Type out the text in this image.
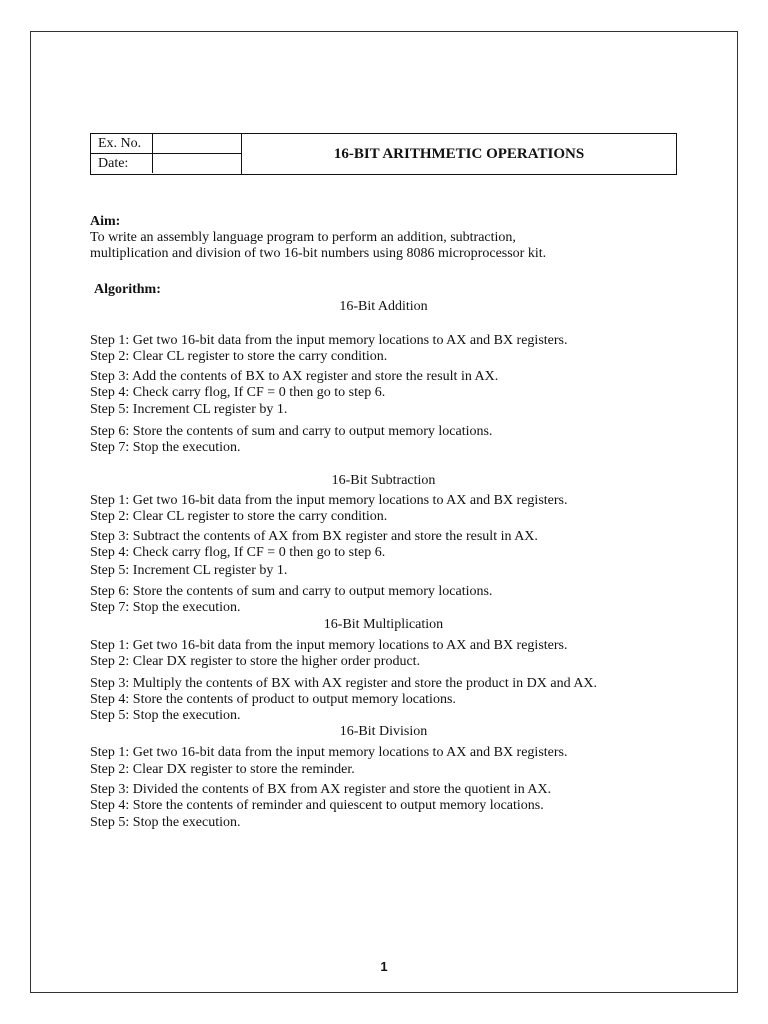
Ex. No.
Date:
16-BIT ARITHMETIC OPERATIONS
Aim:
To write an assembly language program to perform an addition, subtraction,
multiplication and division of two 16-bit numbers using 8086 microprocessor kit.
Algorithm:
16-Bit Addition
Step 1: Get two 16-bit data from the input memory locations to AX and BX registers.
Step 2: Clear CL register to store the carry condition.
Step 3: Add the contents of BX to AX register and store the result in AX.
Step 4: Check carry flog, If CF = 0 then go to step 6.
Step 5: Increment CL register by 1.
Step 6: Store the contents of sum and carry to output memory locations.
Step 7: Stop the execution.
16-Bit Subtraction
Step 1: Get two 16-bit data from the input memory locations to AX and BX registers.
Step 2: Clear CL register to store the carry condition.
Step 3: Subtract the contents of AX from BX register and store the result in AX.
Step 4: Check carry flog, If CF = 0 then go to step 6.
Step 5: Increment CL register by 1.
Step 6: Store the contents of sum and carry to output memory locations.
Step 7: Stop the execution.
16-Bit Multiplication
Step 1: Get two 16-bit data from the input memory locations to AX and BX registers.
Step 2: Clear DX register to store the higher order product.
Step 3: Multiply the contents of BX with AX register and store the product in DX and AX.
Step 4: Store the contents of product to output memory locations.
Step 5: Stop the execution.
16-Bit Division
Step 1: Get two 16-bit data from the input memory locations to AX and BX registers.
Step 2: Clear DX register to store the reminder.
Step 3: Divided the contents of BX from AX register and store the quotient in AX.
Step 4: Store the contents of reminder and quiescent to output memory locations.
Step 5: Stop the execution.
1
